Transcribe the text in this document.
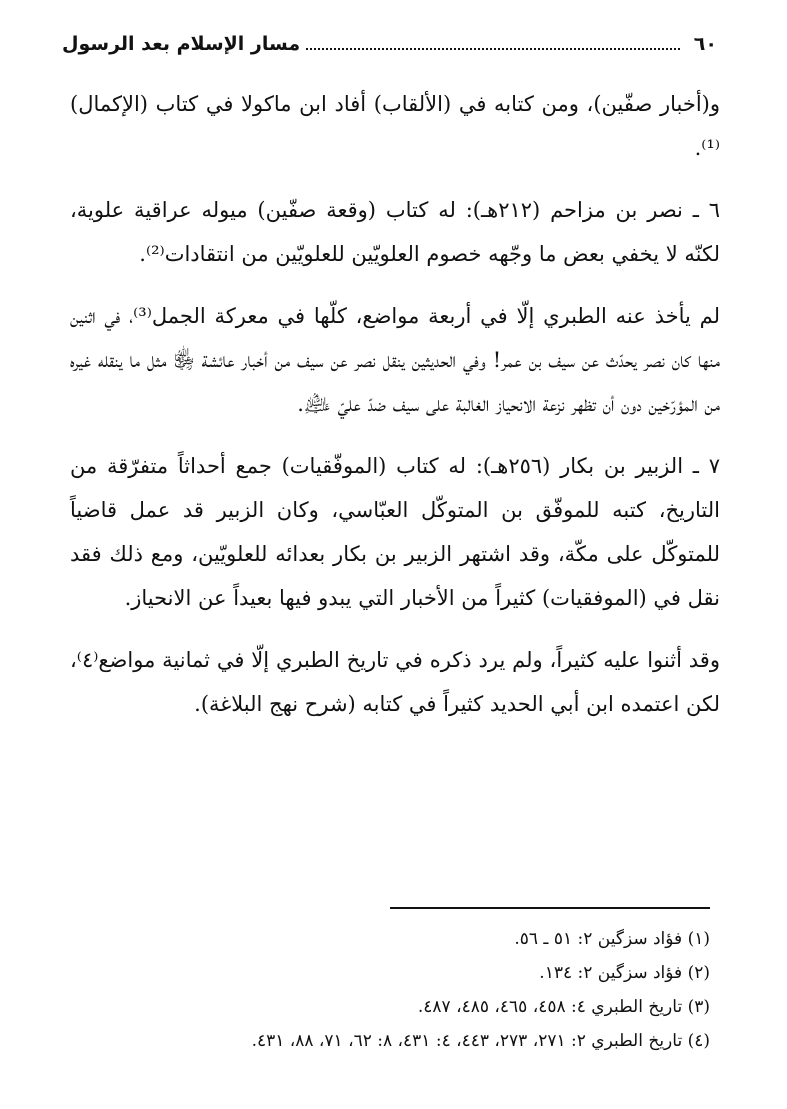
٦٠
مسار الإسلام بعد الرسول

و(أخبار صفّين)، ومن كتابه في (الألقاب) أفاد ابن ماكولا في كتاب (الإكمال)⁽¹⁾.

٦ ـ نصر بن مزاحم (٢١٢هـ): له كتاب (وقعة صفّين) ميوله عراقية علوية، لكنّه لا يخفي بعض ما وجّهه خصوم العلويّين للعلويّين من انتقادات⁽²⁾.

لم يأخذ عنه الطبري إلّا في أربعة مواضع، كلّها في معركة الجمل⁽³⁾، في اثنين منها كان نصر يحدّث عن سيف بن عمر! وفي الحديثين ينقل نصر عن سيف من أخبار عائشة ﵂ مثل ما ينقله غيره من المؤرّخين دون أن تظهر نزعة الانحياز الغالبة على سيف ضدّ عليّ ﵇.

٧ ـ الزبير بن بكار (٢٥٦هـ): له كتاب (الموفّقيات) جمع أحداثاً متفرّقة من التاريخ، كتبه للموفّق بن المتوكّل العبّاسي، وكان الزبير قد عمل قاضياً للمتوكّل على مكّة، وقد اشتهر الزبير بن بكار بعدائه للعلويّين، ومع ذلك فقد نقل في (الموفقيات) كثيراً من الأخبار التي يبدو فيها بعيداً عن الانحياز.

وقد أثنوا عليه كثيراً، ولم يرد ذكره في تاريخ الطبري إلّا في ثمانية مواضع⁽٤⁾، لكن اعتمده ابن أبي الحديد كثيراً في كتابه (شرح نهج البلاغة).

(١) فؤاد سزگين ٢: ٥١ ـ ٥٦.
(٢) فؤاد سزگين ٢: ١٣٤.
(٣) تاريخ الطبري ٤: ٤٥٨، ٤٦٥، ٤٨٥، ٤٨٧.
(٤) تاريخ الطبري ٢: ٢٧١، ٢٧٣، ٤٤٣، ٤: ٤٣١، ٨: ٦٢، ٧١، ٨٨، ٤٣١.
